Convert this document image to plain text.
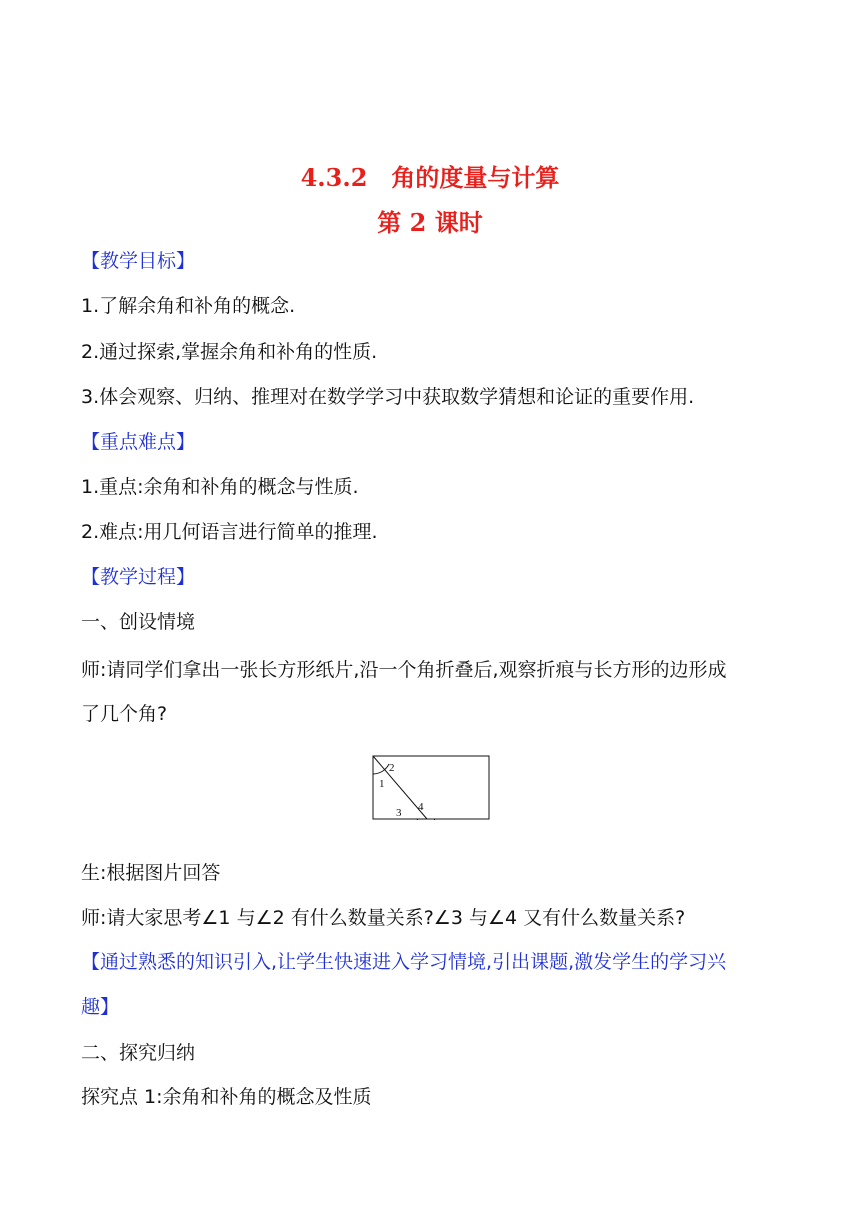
4.3.2　角的度量与计算
第 2 课时
【教学目标】
1.了解余角和补角的概念.
2.通过探索,掌握余角和补角的性质.
3.体会观察、归纳、推理对在数学学习中获取数学猜想和论证的重要作用.
【重点难点】
1.重点:余角和补角的概念与性质.
2.难点:用几何语言进行简单的推理.
【教学过程】
一、创设情境
师:请同学们拿出一张长方形纸片,沿一个角折叠后,观察折痕与长方形的边形成
了几个角?
1
2
3 4
生:根据图片回答
师:请大家思考∠1 与∠2 有什么数量关系?∠3 与∠4 又有什么数量关系?
【通过熟悉的知识引入,让学生快速进入学习情境,引出课题,激发学生的学习兴
趣】
二、探究归纳
探究点 1:余角和补角的概念及性质
